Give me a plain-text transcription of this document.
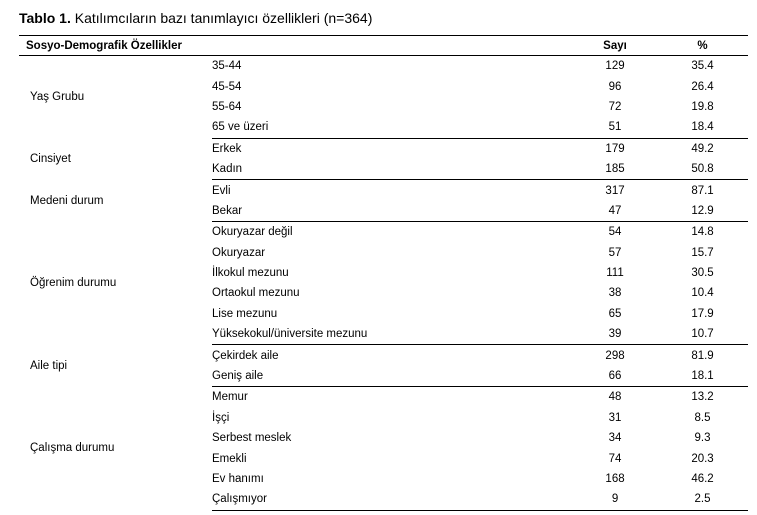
Tablo 1. Katılımcıların bazı tanımlayıcı özellikleri (n=364)
Sosyo-Demografik Özellikler		Sayı	%
Yaş Grubu	35-44	129	35.4
	45-54	96	26.4
	55-64	72	19.8
	65 ve üzeri	51	18.4
Cinsiyet	Erkek	179	49.2
	Kadın	185	50.8
Medeni durum	Evli	317	87.1
	Bekar	47	12.9
Öğrenim durumu	Okuryazar değil	54	14.8
	Okuryazar	57	15.7
	İlkokul mezunu	111	30.5
	Ortaokul mezunu	38	10.4
	Lise mezunu	65	17.9
	Yüksekokul/üniversite mezunu	39	10.7
Aile tipi	Çekirdek aile	298	81.9
	Geniş aile	66	18.1
Çalışma durumu	Memur	48	13.2
	İşçi	31	8.5
	Serbest meslek	34	9.3
	Emekli	74	20.3
	Ev hanımı	168	46.2
	Çalışmıyor	9	2.5
